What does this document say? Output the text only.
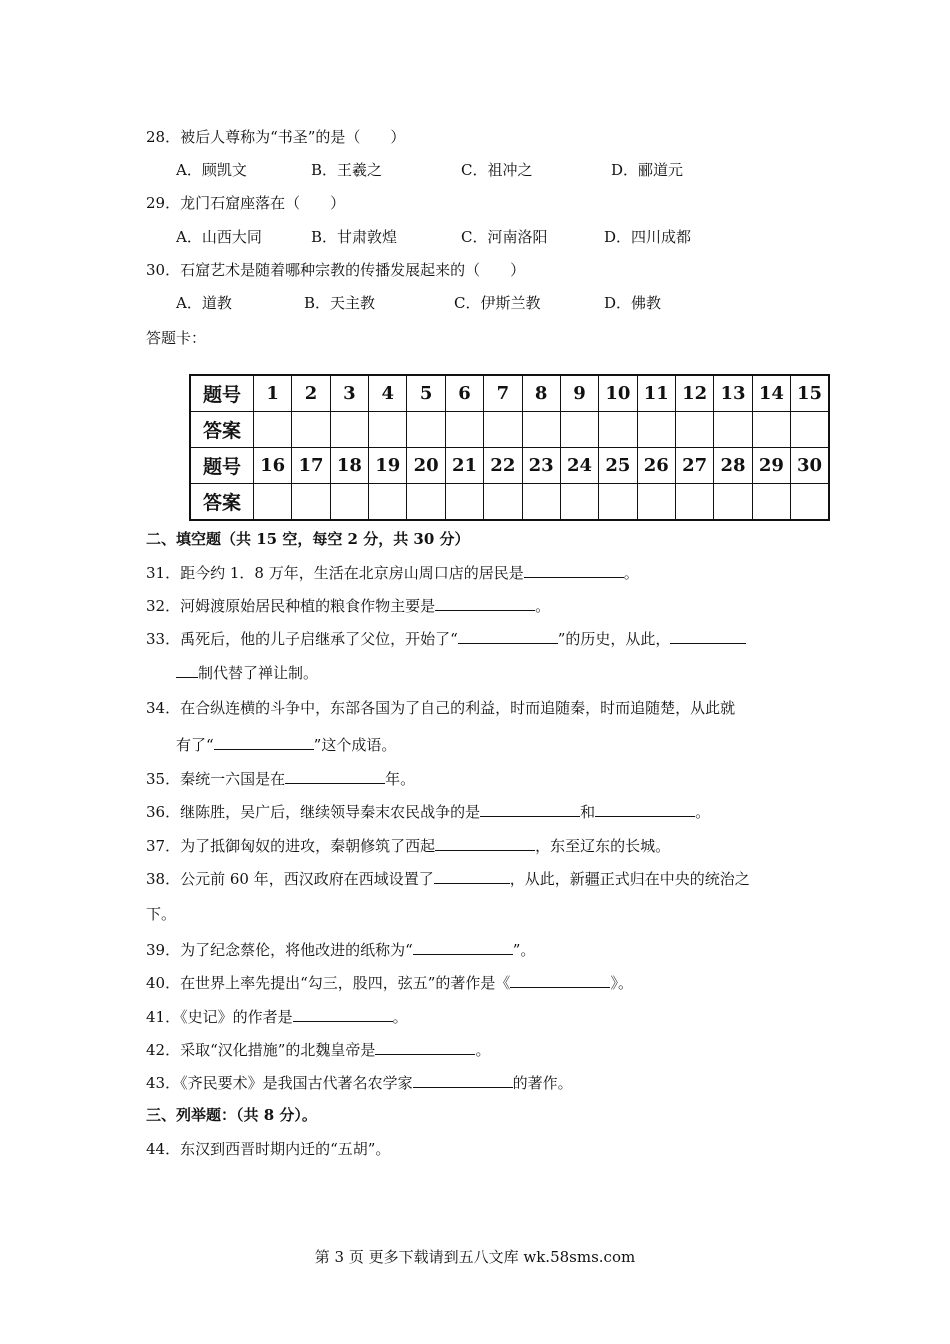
28．被后人尊称为“书圣”的是（　　）
A．顾凯文	B．王羲之	C．祖冲之	D．郦道元
29．龙门石窟座落在（　　）
A．山西大同	B．甘肃敦煌	C．河南洛阳	D．四川成都
30．石窟艺术是随着哪种宗教的传播发展起来的（　　）
A．道教	B．天主教	C．伊斯兰教	D．佛教
答题卡：
题号	1	2	3	4	5	6	7	8	9	10	11	12	13	14	15
答案															
题号	16	17	18	19	20	21	22	23	24	25	26	27	28	29	30
答案															
二、填空题（共 15 空，每空 2 分，共 30 分）
31．距今约 1．8 万年，生活在北京房山周口店的居民是	。
32．河姆渡原始居民种植的粮食作物主要是	。
33．禹死后，他的儿子启继承了父位，开始了“	”的历史，从此，
制代替了禅让制。
34．在合纵连横的斗争中，东部各国为了自己的利益，时而追随秦，时而追随楚，从此就
有了“	”这个成语。
35．秦统一六国是在	年。
36．继陈胜，吴广后，继续领导秦末农民战争的是	和	。
37．为了抵御匈奴的进攻，秦朝修筑了西起	，东至辽东的长城。
38．公元前 60 年，西汉政府在西域设置了	，从此，新疆正式归在中央的统治之
下。
39．为了纪念蔡伦，将他改进的纸称为“	”。
40．在世界上率先提出“勾三，股四，弦五”的著作是《	》。
41．《史记》的作者是	。
42．采取“汉化措施”的北魏皇帝是	。
43．《齐民要术》是我国古代著名农学家	的著作。
三、列举题：（共 8 分）。
44．东汉到西晋时期内迁的“五胡”。
第 3 页 更多下载请到五八文库 wk.58sms.com
